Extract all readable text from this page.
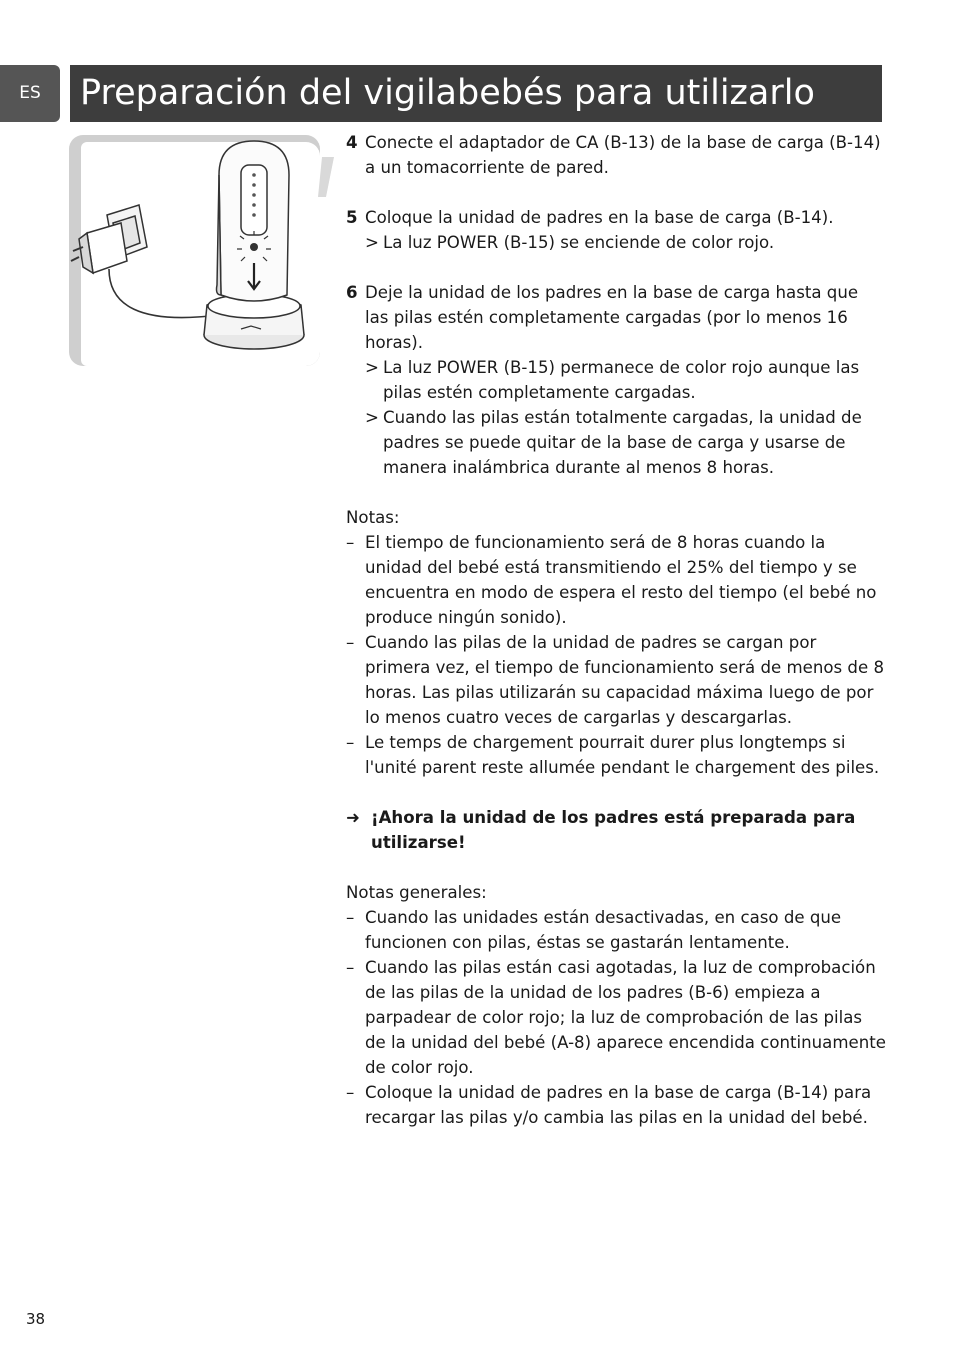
ES	Preparación del vigilabebés para utilizarlo
4 Conecte el adaptador de CA (B-13) de la base de carga (B-14) a un tomacorriente de pared.
5 Coloque la unidad de padres en la base de carga (B-14).
> La luz POWER (B-15) se enciende de color rojo.
6 Deje la unidad de los padres en la base de carga hasta que las pilas estén completamente cargadas (por lo menos 16 horas).
> La luz POWER (B-15) permanece de color rojo aunque las pilas estén completamente cargadas.
> Cuando las pilas están totalmente cargadas, la unidad de padres se puede quitar de la base de carga y usarse de manera inalámbrica durante al menos 8 horas.
Notas:
– El tiempo de funcionamiento será de 8 horas cuando la unidad del bebé está transmitiendo el 25% del tiempo y se encuentra en modo de espera el resto del tiempo (el bebé no produce ningún sonido).
– Cuando las pilas de la unidad de padres se cargan por primera vez, el tiempo de funcionamiento será de menos de 8 horas. Las pilas utilizarán su capacidad máxima luego de por lo menos cuatro veces de cargarlas y descargarlas.
– Le temps de chargement pourrait durer plus longtemps si l'unité parent reste allumée pendant le chargement des piles.
➜ ¡Ahora la unidad de los padres está preparada para utilizarse!
Notas generales:
– Cuando las unidades están desactivadas, en caso de que funcionen con pilas, éstas se gastarán lentamente.
– Cuando las pilas están casi agotadas, la luz de comprobación de las pilas de la unidad de los padres (B-6) empieza a parpadear de color rojo; la luz de comprobación de las pilas de la unidad del bebé (A-8) aparece encendida continuamente de color rojo.
– Coloque la unidad de padres en la base de carga (B-14) para recargar las pilas y/o cambia las pilas en la unidad del bebé.
38
